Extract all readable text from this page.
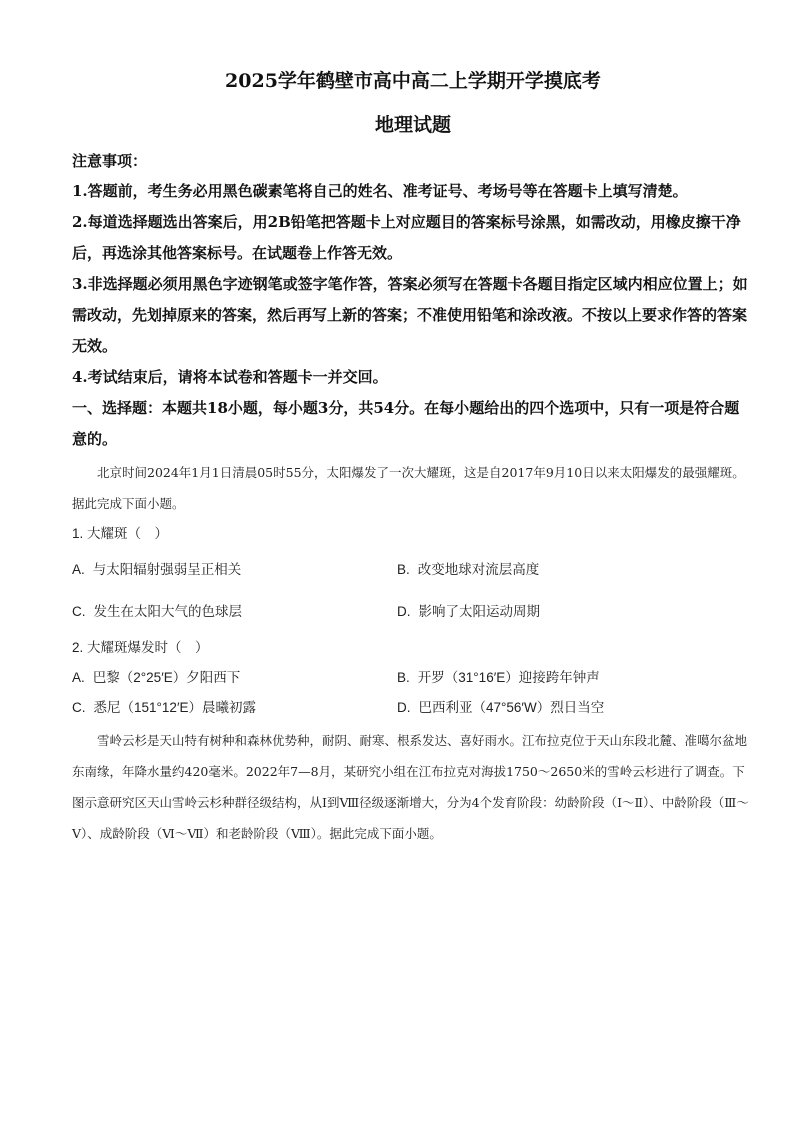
2025学年鹤壁市高中高二上学期开学摸底考
地理试题
注意事项：

1.答题前，考生务必用黑色碳素笔将自己的姓名、准考证号、考场号等在答题卡上填写清楚。

2.每道选择题选出答案后，用2B铅笔把答题卡上对应题目的答案标号涂黑，如需改动，用橡皮擦干净后，再选涂其他答案标号。在试题卷上作答无效。

3.非选择题必须用黑色字迹钢笔或签字笔作答，答案必须写在答题卡各题目指定区域内相应位置上；如需改动，先划掉原来的答案，然后再写上新的答案；不准使用铅笔和涂改液。不按以上要求作答的答案无效。

4.考试结束后，请将本试卷和答题卡一并交回。

一、选择题：本题共18小题，每小题3分，共54分。在每小题给出的四个选项中，只有一项是符合题意的。

北京时间2024年1月1日清晨05时55分，太阳爆发了一次大耀斑，这是自2017年9月10日以来太阳爆发的最强耀斑。据此完成下面小题。

1. 大耀斑（　）

A. 与太阳辐射强弱呈正相关	B. 改变地球对流层高度
C. 发生在太阳大气的色球层	D. 影响了太阳运动周期

2. 大耀斑爆发时（　）

A. 巴黎（2°25′E）夕阳西下	B. 开罗（31°16′E）迎接跨年钟声
C. 悉尼（151°12′E）晨曦初露	D. 巴西利亚（47°56′W）烈日当空

雪岭云杉是天山特有树种和森林优势种，耐阴、耐寒、根系发达、喜好雨水。江布拉克位于天山东段北麓、准噶尔盆地东南缘，年降水量约420毫米。2022年7—8月，某研究小组在江布拉克对海拔1750～2650米的雪岭云杉进行了调查。下图示意研究区天山雪岭云杉种群径级结构，从Ⅰ到Ⅷ径级逐渐增大，分为4个发育阶段：幼龄阶段（Ⅰ～Ⅱ）、中龄阶段（Ⅲ～Ⅴ）、成龄阶段（Ⅵ～Ⅶ）和老龄阶段（Ⅷ）。据此完成下面小题。
